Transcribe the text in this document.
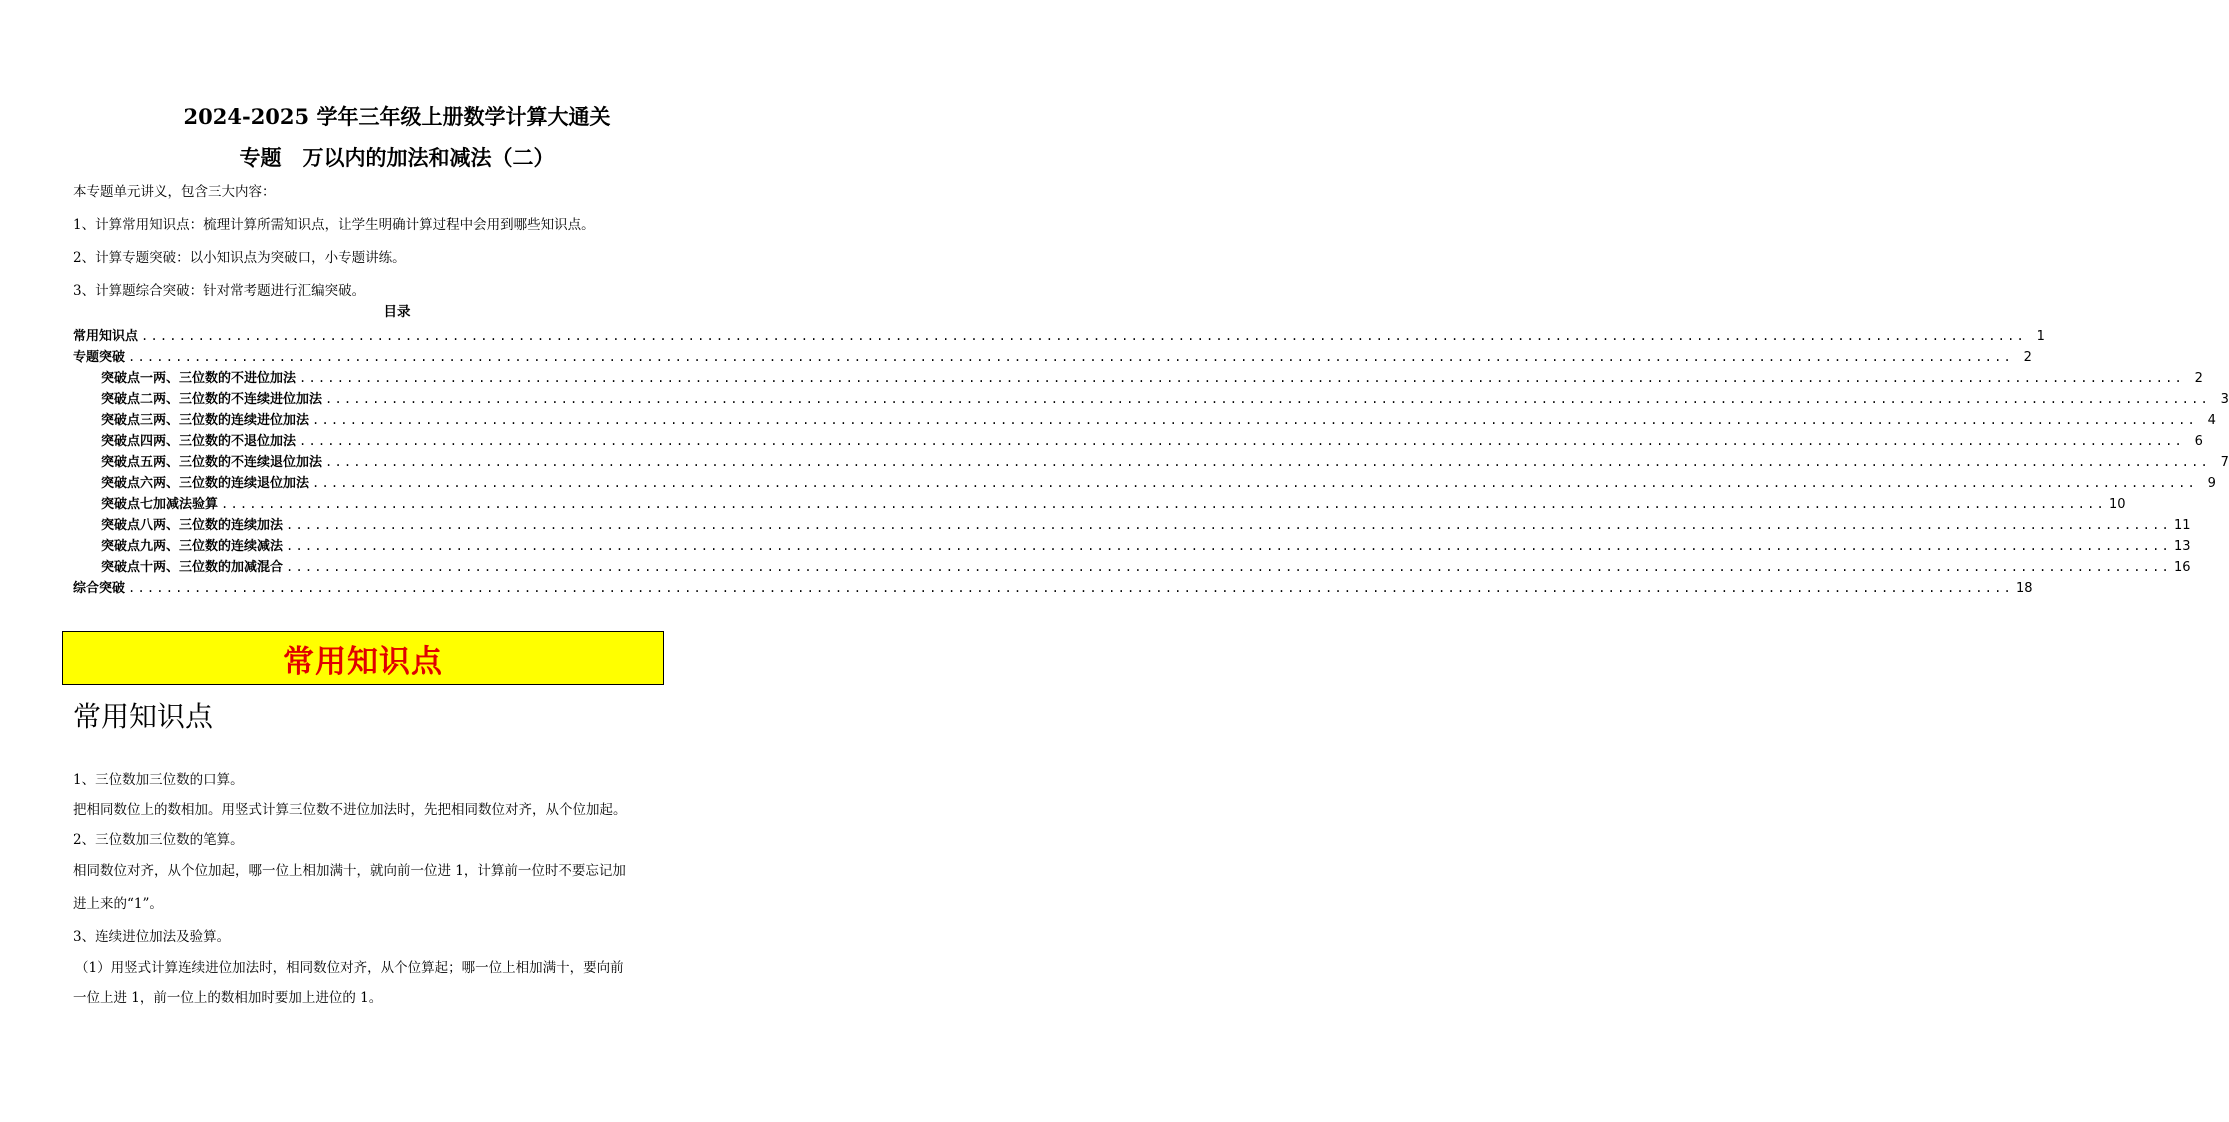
2024-2025 学年三年级上册数学计算大通关
专题　万以内的加法和减法（二）
本专题单元讲义，包含三大内容：
1、计算常用知识点：梳理计算所需知识点，让学生明确计算过程中会用到哪些知识点。
2、计算专题突破：以小知识点为突破口，小专题讲练。
3、计算题综合突破：针对常考题进行汇编突破。
目录
常用知识点 ........................................................................................................................................................................................................ 1
专题突破 ........................................................................................................................................................................................................ 2
突破点一两、三位数的不进位加法 ........................................................................................................................................................................................................ 2
突破点二两、三位数的不连续进位加法 ........................................................................................................................................................................................................ 3
突破点三两、三位数的连续进位加法 ........................................................................................................................................................................................................ 4
突破点四两、三位数的不退位加法 ........................................................................................................................................................................................................ 6
突破点五两、三位数的不连续退位加法 ........................................................................................................................................................................................................ 7
突破点六两、三位数的连续退位加法 ........................................................................................................................................................................................................ 9
突破点七加减法验算 ........................................................................................................................................................................................................ 10
突破点八两、三位数的连续加法 ........................................................................................................................................................................................................ 11
突破点九两、三位数的连续减法 ........................................................................................................................................................................................................ 13
突破点十两、三位数的加减混合 ........................................................................................................................................................................................................ 16
综合突破 ........................................................................................................................................................................................................ 18
常用知识点
常用知识点
1、三位数加三位数的口算。
把相同数位上的数相加。用竖式计算三位数不进位加法时，先把相同数位对齐，从个位加起。
2、三位数加三位数的笔算。
相同数位对齐，从个位加起，哪一位上相加满十，就向前一位进 1，计算前一位时不要忘记加
进上来的“1”。
3、连续进位加法及验算。
（1）用竖式计算连续进位加法时，相同数位对齐，从个位算起；哪一位上相加满十，要向前
一位上进 1，前一位上的数相加时要加上进位的 1。
